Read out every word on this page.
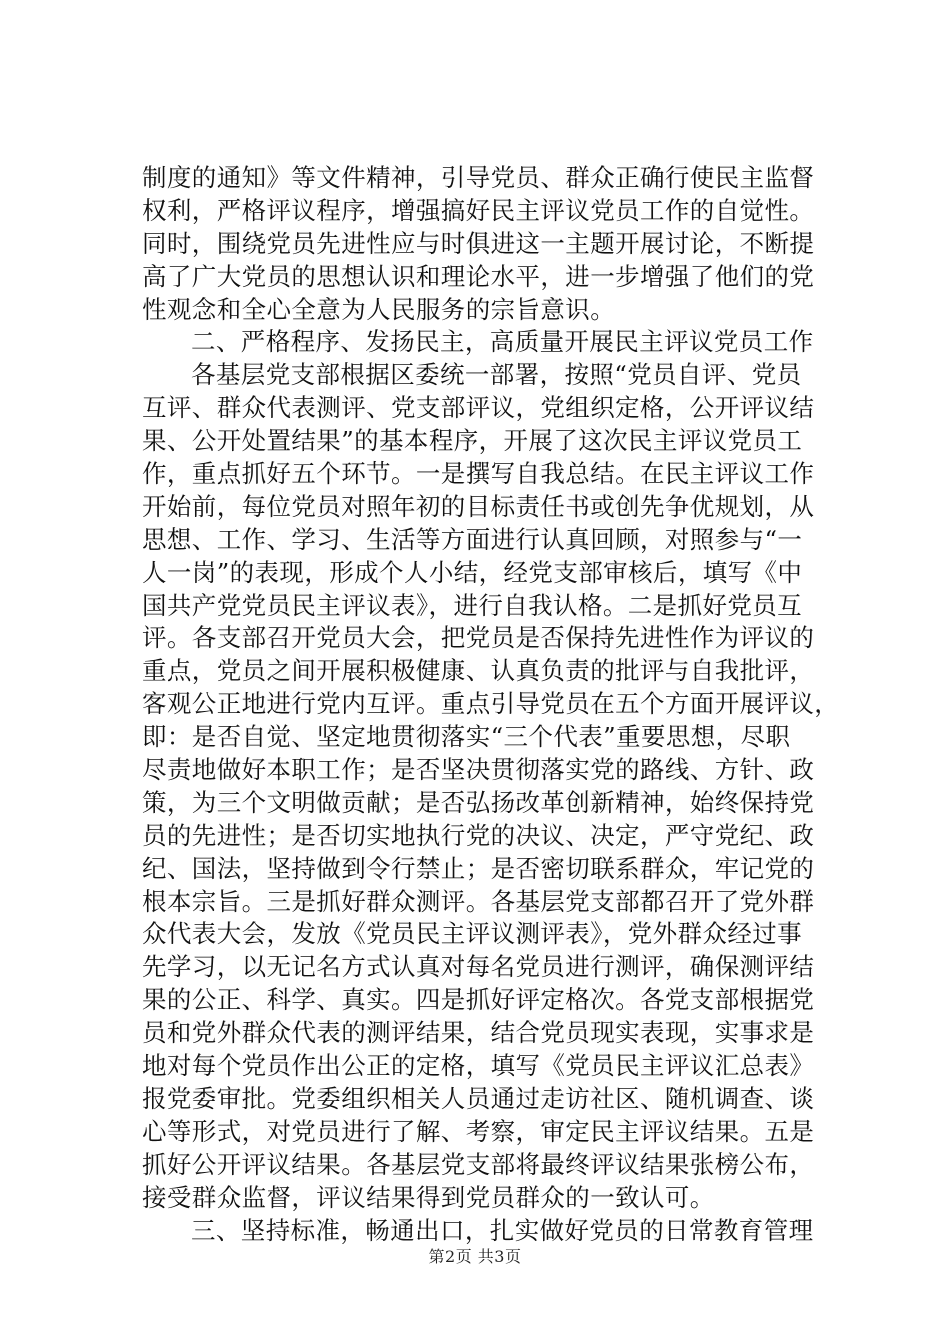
制度的通知》等文件精神，引导党员、群众正确行使民主监督
权利，严格评议程序，增强搞好民主评议党员工作的自觉性。
同时，围绕党员先进性应与时俱进这一主题开展讨论，不断提
高了广大党员的思想认识和理论水平，进一步增强了他们的党
性观念和全心全意为人民服务的宗旨意识。
二、严格程序、发扬民主，高质量开展民主评议党员工作
各基层党支部根据区委统一部署，按照“党员自评、党员
互评、群众代表测评、党支部评议，党组织定格，公开评议结
果、公开处置结果”的基本程序，开展了这次民主评议党员工
作，重点抓好五个环节。一是撰写自我总结。在民主评议工作
开始前，每位党员对照年初的目标责任书或创先争优规划，从
思想、工作、学习、生活等方面进行认真回顾，对照参与“一
人一岗”的表现，形成个人小结，经党支部审核后，填写《中
国共产党党员民主评议表》，进行自我认格。二是抓好党员互
评。各支部召开党员大会，把党员是否保持先进性作为评议的
重点，党员之间开展积极健康、认真负责的批评与自我批评，
客观公正地进行党内互评。重点引导党员在五个方面开展评议，
即：是否自觉、坚定地贯彻落实“三个代表”重要思想，尽职
尽责地做好本职工作；是否坚决贯彻落实党的路线、方针、政
策，为三个文明做贡献；是否弘扬改革创新精神，始终保持党
员的先进性；是否切实地执行党的决议、决定，严守党纪、政
纪、国法，坚持做到令行禁止；是否密切联系群众，牢记党的
根本宗旨。三是抓好群众测评。各基层党支部都召开了党外群
众代表大会，发放《党员民主评议测评表》，党外群众经过事
先学习，以无记名方式认真对每名党员进行测评，确保测评结
果的公正、科学、真实。四是抓好评定格次。各党支部根据党
员和党外群众代表的测评结果，结合党员现实表现，实事求是
地对每个党员作出公正的定格，填写《党员民主评议汇总表》
报党委审批。党委组织相关人员通过走访社区、随机调查、谈
心等形式，对党员进行了解、考察，审定民主评议结果。五是
抓好公开评议结果。各基层党支部将最终评议结果张榜公布，
接受群众监督，评议结果得到党员群众的一致认可。
三、坚持标准，畅通出口，扎实做好党员的日常教育管理
第2页 共3页
